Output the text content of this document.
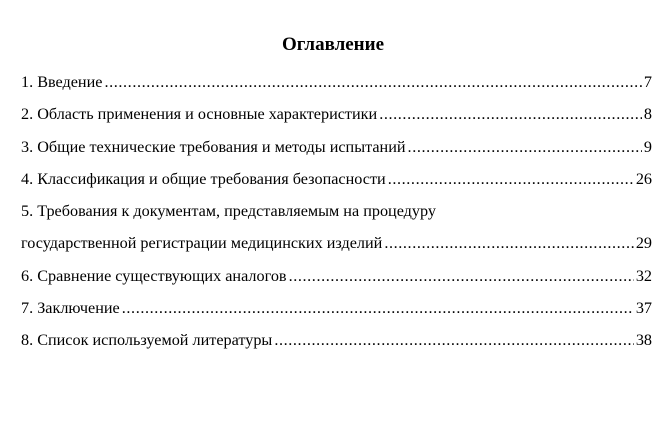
Оглавление
1. Введение .....	7
2. Область применения и основные характеристики .....	8
3. Общие технические требования и методы испытаний .....	9
4. Классификация и общие требования безопасности .....	26
5. Требования к документам, представляемым на процедуру
государственной регистрации медицинских изделий .....	29
6. Сравнение существующих аналогов .....	32
7. Заключение .....	37
8. Список используемой литературы .....	38
